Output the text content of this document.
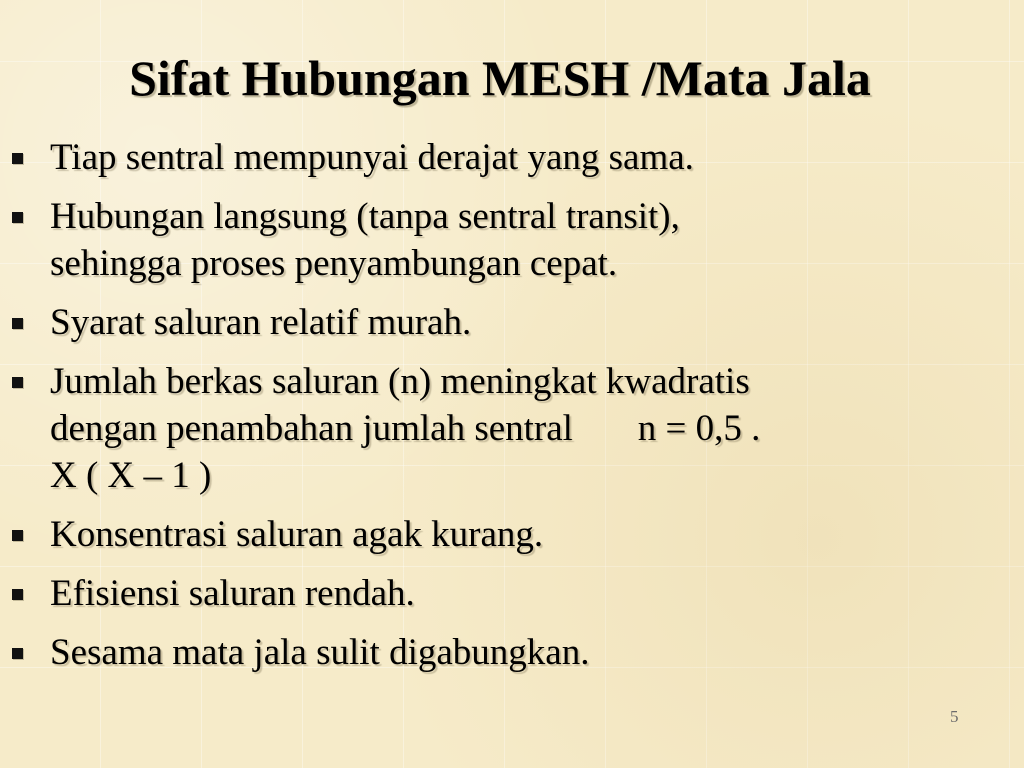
Sifat Hubungan MESH /Mata Jala
Tiap sentral mempunyai derajat yang sama.
Hubungan langsung (tanpa sentral transit),
sehingga proses penyambungan cepat.
Syarat saluran relatif murah.
Jumlah berkas saluran (n) meningkat kwadratis
dengan penambahan jumlah sentral       n = 0,5 .
X ( X – 1 )
Konsentrasi saluran agak kurang.
Efisiensi saluran rendah.
Sesama mata jala sulit digabungkan.
5
